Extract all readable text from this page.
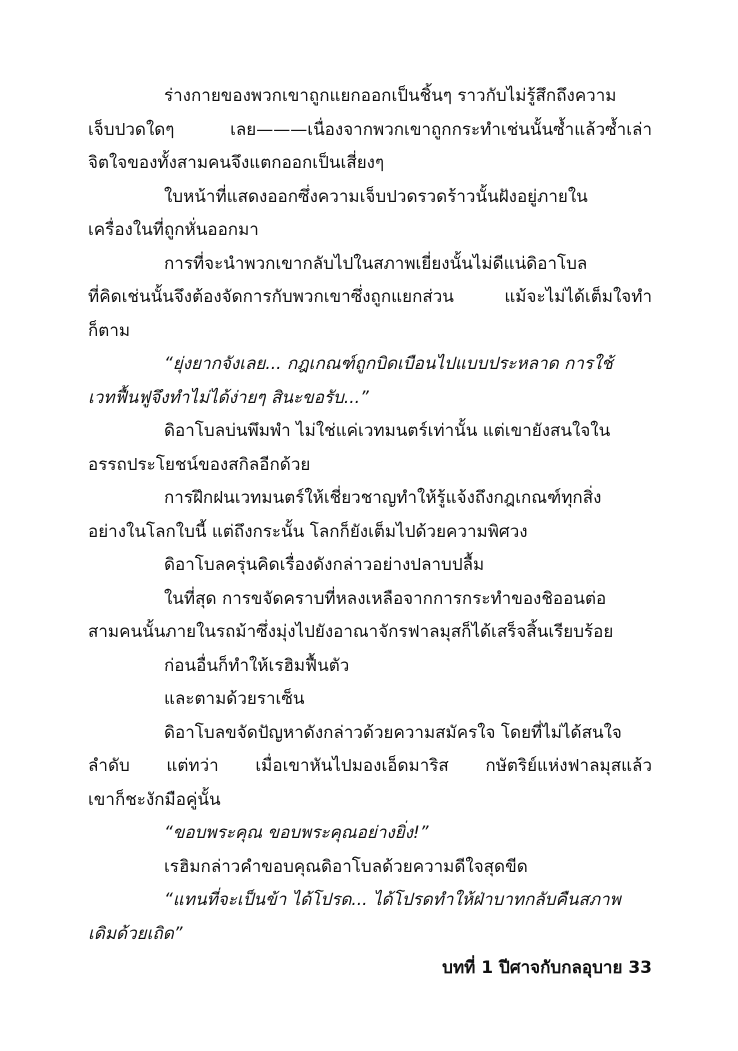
ร่างกายของพวกเขาถูกแยกออกเป็นชิ้นๆ ราวกับไม่รู้สึกถึงความ
เจ็บปวดใดๆ เลย———เนื่องจากพวกเขาถูกกระทำเช่นนั้นซ้ำแล้วซ้ำเล่า
จิตใจของทั้งสามคนจึงแตกออกเป็นเสี่ยงๆ
ใบหน้าที่แสดงออกซึ่งความเจ็บปวดรวดร้าวนั้นฝังอยู่ภายใน
เครื่องในที่ถูกหั่นออกมา
การที่จะนำพวกเขากลับไปในสภาพเยี่ยงนั้นไม่ดีแน่ดิอาโบล
ที่คิดเช่นนั้นจึงต้องจัดการกับพวกเขาซึ่งถูกแยกส่วน แม้จะไม่ได้เต็มใจทำ
ก็ตาม
“ยุ่งยากจังเลย... กฎเกณฑ์ถูกบิดเบือนไปแบบประหลาด การใช้
เวทฟื้นฟูจึงทำไม่ได้ง่ายๆ สินะขอรับ...”
ดิอาโบลบ่นพึมพำ ไม่ใช่แค่เวทมนตร์เท่านั้น แต่เขายังสนใจใน
อรรถประโยชน์ของสกิลอีกด้วย
การฝึกฝนเวทมนตร์ให้เชี่ยวชาญทำให้รู้แจ้งถึงกฎเกณฑ์ทุกสิ่ง
อย่างในโลกใบนี้ แต่ถึงกระนั้น โลกก็ยังเต็มไปด้วยความพิศวง
ดิอาโบลครุ่นคิดเรื่องดังกล่าวอย่างปลาบปลื้ม
ในที่สุด การขจัดคราบที่หลงเหลือจากการกระทำของชิออนต่อ
สามคนนั้นภายในรถม้าซึ่งมุ่งไปยังอาณาจักรฟาลมุสก็ได้เสร็จสิ้นเรียบร้อย
ก่อนอื่นก็ทำให้เรฮิมฟื้นตัว
และตามด้วยราเซ็น
ดิอาโบลขจัดปัญหาดังกล่าวด้วยความสมัครใจ โดยที่ไม่ได้สนใจ
ลำดับ แต่ทว่า เมื่อเขาหันไปมองเอ็ดมาริส กษัตริย์แห่งฟาลมุสแล้ว
เขาก็ชะงักมือคู่นั้น
“ขอบพระคุณ ขอบพระคุณอย่างยิ่ง!”
เรฮิมกล่าวคำขอบคุณดิอาโบลด้วยความดีใจสุดขีด
“แทนที่จะเป็นข้า ได้โปรด... ได้โปรดทำให้ฝ่าบาทกลับคืนสภาพ
เดิมด้วยเถิด”
บทที่ 1 ปีศาจกับกลอุบาย 33
